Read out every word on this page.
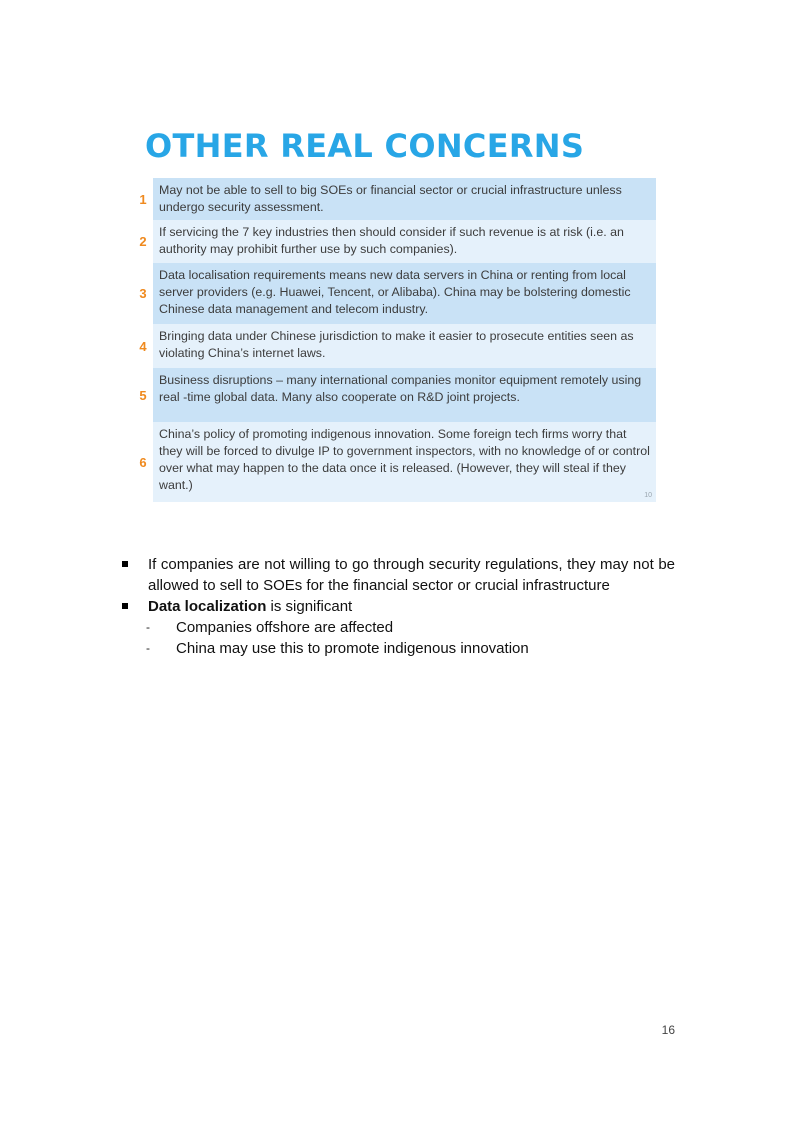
OTHER REAL CONCERNS
1
May not be able to sell to big SOEs or financial sector or crucial infrastructure unless undergo security assessment.
2
If servicing the 7 key industries then should consider if such revenue is at risk (i.e. an authority may prohibit further use by such companies).
3
Data localisation requirements means new data servers in China or renting from local server providers (e.g. Huawei, Tencent, or Alibaba). China may be bolstering domestic Chinese data management and telecom industry.
4
Bringing data under Chinese jurisdiction to make it easier to prosecute entities seen as violating China’s internet laws.
5
Business disruptions – many international companies monitor equipment remotely using real -time global data. Many also cooperate on R&D joint projects.
6
China’s policy of promoting indigenous innovation. Some foreign tech firms worry that they will be forced to divulge IP to government inspectors, with no knowledge of or control over what may happen to the data once it is released. (However, they will steal if they want.)
10
If companies are not willing to go through security regulations, they may not be allowed to sell to SOEs for the financial sector or crucial infrastructure
Data localization is significant
- Companies offshore are affected
- China may use this to promote indigenous innovation
16
